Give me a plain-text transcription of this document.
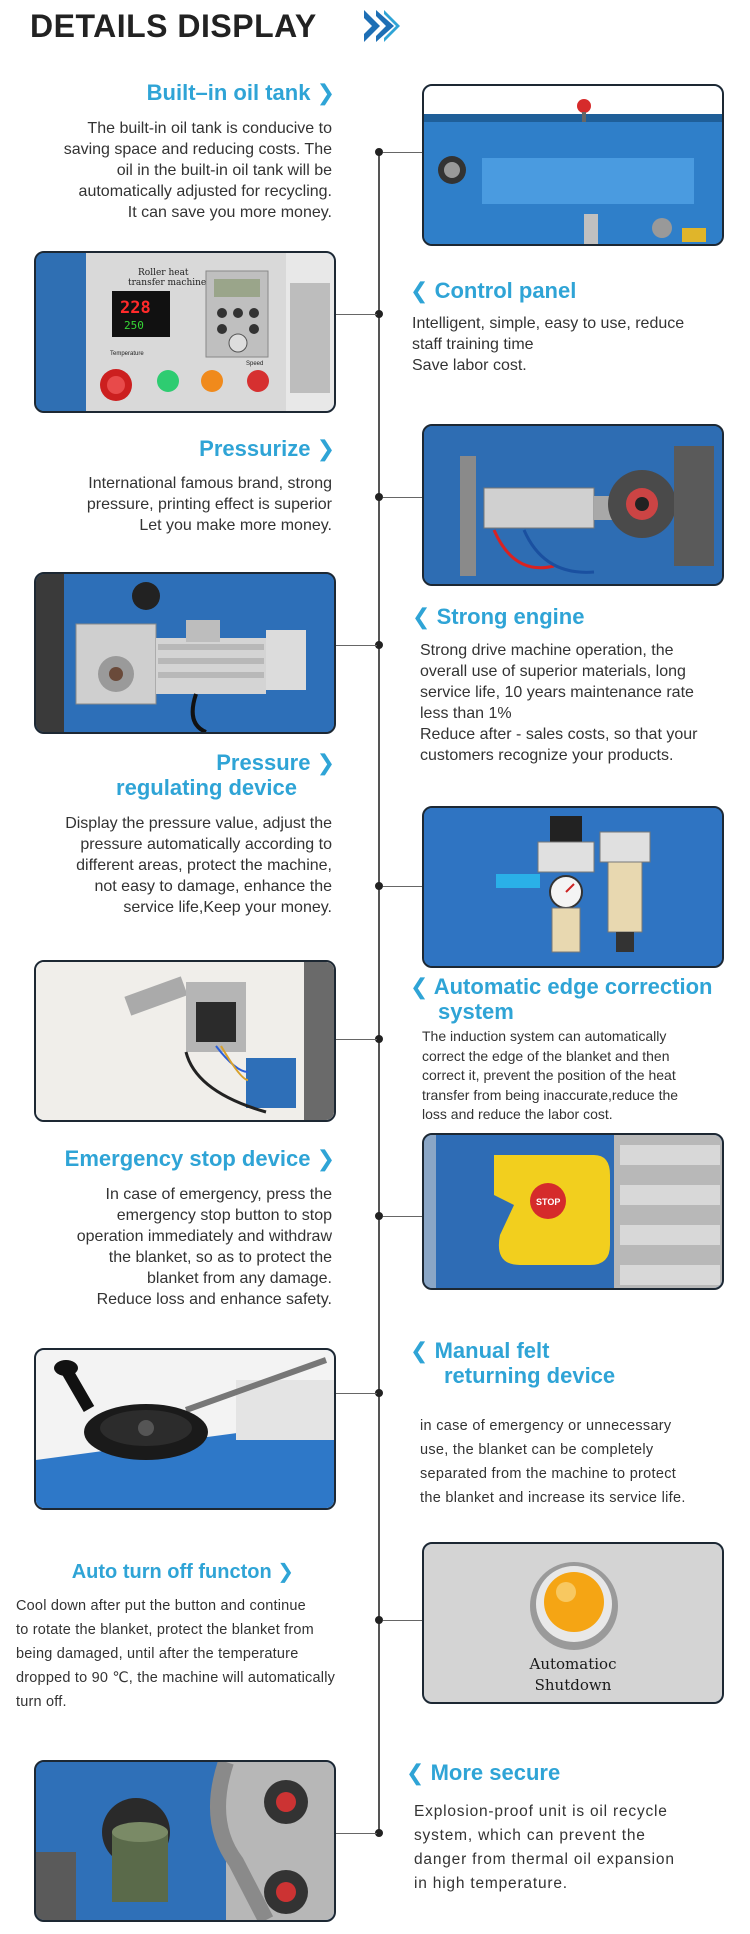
DETAILS DISPLAY
Built–in oil tank ❯
The built-in oil tank is conducive to
saving space and reducing costs. The
oil in the built-in oil tank will be
automatically adjusted for recycling.
It can save you more money.
Roller heat
transfer machine
228
250
Temperature
Speed
❮ Control panel
Intelligent, simple, easy to use, reduce
staff training time
Save labor cost.
Pressurize ❯
International famous brand, strong
pressure, printing effect is superior
Let you make more money.
❮ Strong engine
Strong drive machine operation, the
overall use of superior materials, long
service life, 10 years maintenance rate
less than 1%
Reduce after - sales costs, so that your
customers recognize your products.
Pressure ❯
regulating device
Display the pressure value, adjust the
pressure automatically according to
different areas, protect the machine,
not easy to damage, enhance the
service life,Keep your money.
❮ Automatic edge correction
system
The induction system can automatically
correct the edge of the blanket and then
correct it, prevent the position of the heat
transfer from being inaccurate,reduce the
loss and reduce the labor cost.
Emergency stop device ❯
In case of emergency, press the
emergency stop button to stop
operation immediately and withdraw
the blanket, so as to protect the
blanket from any damage.
Reduce loss and enhance safety.
STOP
❮ Manual felt
returning device
in case of emergency or unnecessary
use, the blanket can be completely
separated from the machine to protect
the blanket and increase its service life.
Auto turn off functon ❯
Cool down after put the button and continue
to rotate the blanket, protect the blanket from
being damaged, until after the temperature
dropped to 90 ℃, the machine will automatically
turn off.
Automatioc
Shutdown
❮ More secure
Explosion-proof unit is oil recycle
system, which can prevent the
danger from thermal oil expansion
in high temperature.
